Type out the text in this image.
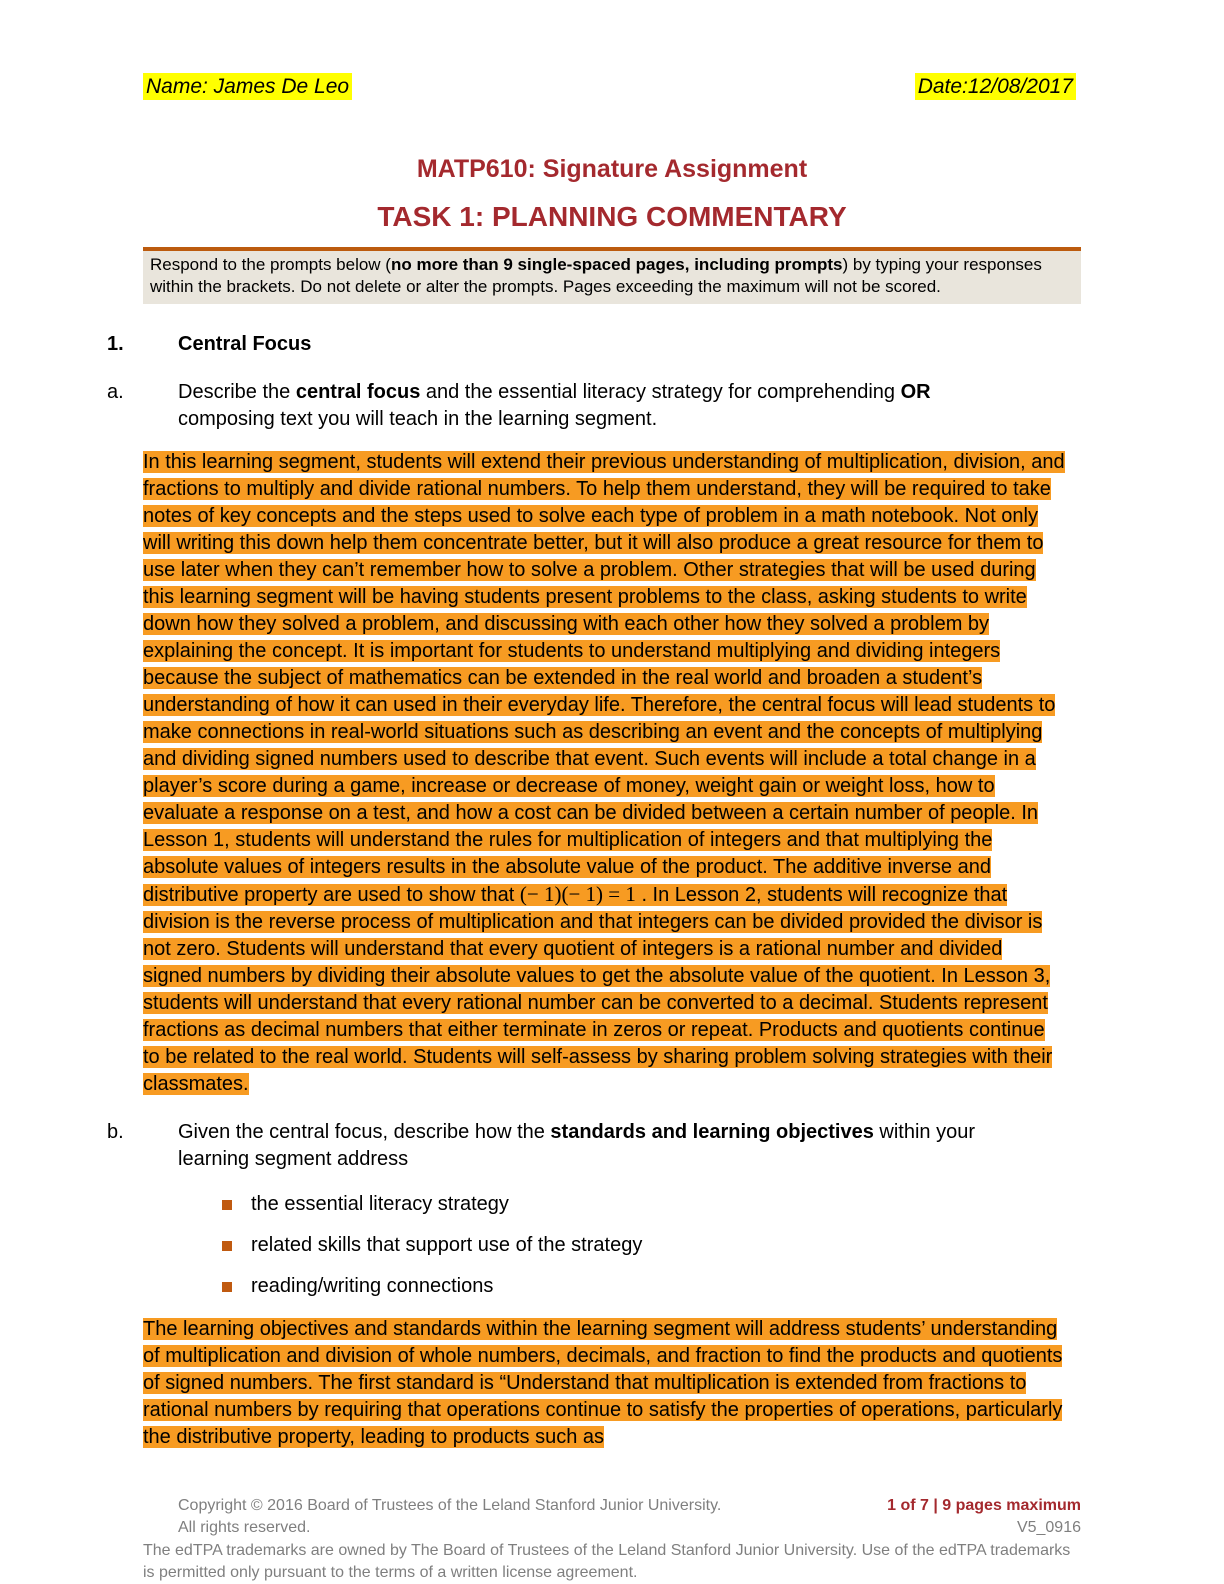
Name: James De Leo	Date:12/08/2017
MATP610: Signature Assignment
TASK 1: PLANNING COMMENTARY
Respond to the prompts below (no more than 9 single-spaced pages, including prompts) by typing your responses within the brackets. Do not delete or alter the prompts. Pages exceeding the maximum will not be scored.
1.	Central Focus
a.	Describe the central focus and the essential literacy strategy for comprehending OR composing text you will teach in the learning segment.

In this learning segment, students will extend their previous understanding of multiplication, division, and fractions to multiply and divide rational numbers. To help them understand, they will be required to take notes of key concepts and the steps used to solve each type of problem in a math notebook. Not only will writing this down help them concentrate better, but it will also produce a great resource for them to use later when they can’t remember how to solve a problem. Other strategies that will be used during this learning segment will be having students present problems to the class, asking students to write down how they solved a problem, and discussing with each other how they solved a problem by explaining the concept. It is important for students to understand multiplying and dividing integers because the subject of mathematics can be extended in the real world and broaden a student’s understanding of how it can used in their everyday life. Therefore, the central focus will lead students to make connections in real-world situations such as describing an event and the concepts of multiplying and dividing signed numbers used to describe that event. Such events will include a total change in a player’s score during a game, increase or decrease of money, weight gain or weight loss, how to evaluate a response on a test, and how a cost can be divided between a certain number of people. In Lesson 1, students will understand the rules for multiplication of integers and that multiplying the absolute values of integers results in the absolute value of the product. The additive inverse and distributive property are used to show that (− 1)(− 1) = 1 . In Lesson 2, students will recognize that division is the reverse process of multiplication and that integers can be divided provided the divisor is not zero. Students will understand that every quotient of integers is a rational number and divided signed numbers by dividing their absolute values to get the absolute value of the quotient. In Lesson 3, students will understand that every rational number can be converted to a decimal. Students represent fractions as decimal numbers that either terminate in zeros or repeat. Products and quotients continue to be related to the real world. Students will self-assess by sharing problem solving strategies with their classmates.

b.	Given the central focus, describe how the standards and learning objectives within your learning segment address
the essential literacy strategy
related skills that support use of the strategy
reading/writing connections

The learning objectives and standards within the learning segment will address students’ understanding of multiplication and division of whole numbers, decimals, and fraction to find the products and quotients of signed numbers. The first standard is “Understand that multiplication is extended from fractions to rational numbers by requiring that operations continue to satisfy the properties of operations, particularly the distributive property, leading to products such as

Copyright © 2016 Board of Trustees of the Leland Stanford Junior University.	1 of 7 | 9 pages maximum
All rights reserved.	V5_0916
The edTPA trademarks are owned by The Board of Trustees of the Leland Stanford Junior University. Use of the edTPA trademarks is permitted only pursuant to the terms of a written license agreement.
